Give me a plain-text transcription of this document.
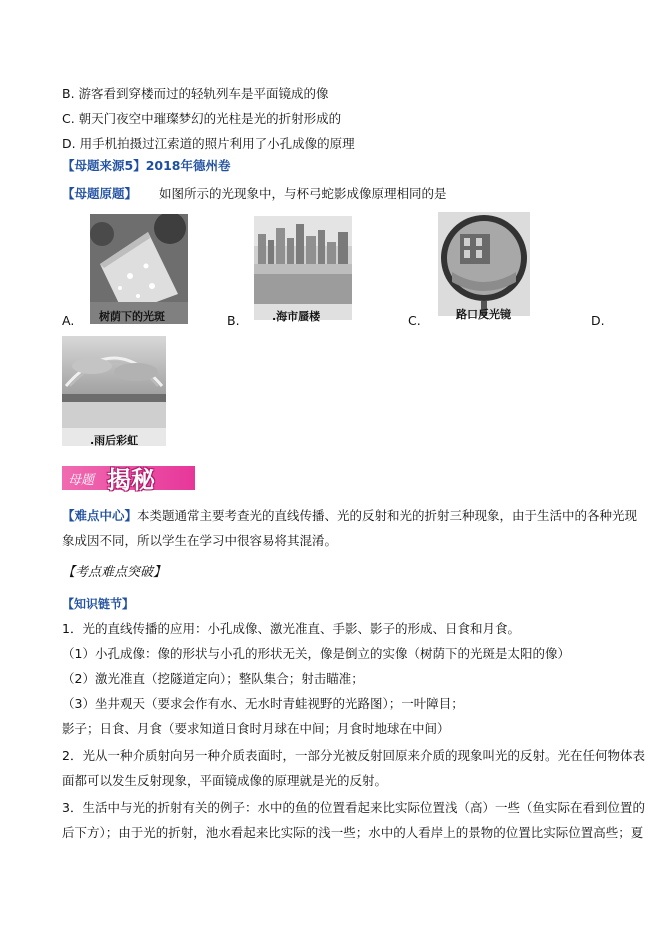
B. 游客看到穿楼而过的轻轨列车是平面镜成的像
C. 朝天门夜空中璀璨梦幻的光柱是光的折射形成的
D. 用手机拍摄过江索道的照片利用了小孔成像的原理
【母题来源5】2018年德州卷
【母题原题】 如图所示的光现象中，与杯弓蛇影成像原理相同的是
树荫下的光斑
A.	.海市蜃楼
B.	路口反光镜
C.	D.
.雨后彩虹
母题 揭秘
【难点中心】本类题通常主要考查光的直线传播、光的反射和光的折射三种现象，由于生活中的各种光现
象成因不同，所以学生在学习中很容易将其混淆。
【考点难点突破】
【知识链节】
1．光的直线传播的应用：小孔成像、激光准直、手影、影子的形成、日食和月食。
（1）小孔成像：像的形状与小孔的形状无关，像是倒立的实像（树荫下的光斑是太阳的像）
（2）激光准直（挖隧道定向）；整队集合；射击瞄准；
（3）坐井观天（要求会作有水、无水时青蛙视野的光路图）；一叶障目；
影子；日食、月食（要求知道日食时月球在中间；月食时地球在中间）
2．光从一种介质射向另一种介质表面时，一部分光被反射回原来介质的现象叫光的反射。光在任何物体表
面都可以发生反射现象，平面镜成像的原理就是光的反射。
3．生活中与光的折射有关的例子：水中的鱼的位置看起来比实际位置浅（高）一些（鱼实际在看到位置的
后下方）；由于光的折射，池水看起来比实际的浅一些；水中的人看岸上的景物的位置比实际位置高些；夏
